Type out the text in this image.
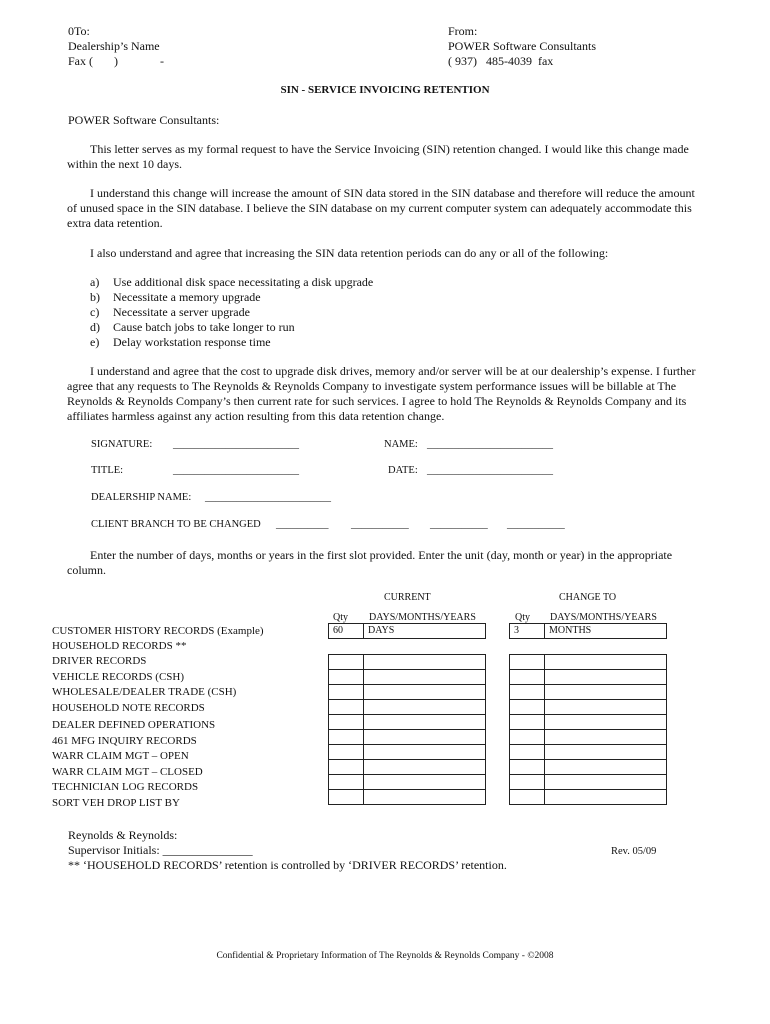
0To:
Dealership’s Name
Fax (       )              -
From:
POWER Software Consultants
( 937)   485-4039  fax
SIN - SERVICE INVOICING RETENTION
POWER Software Consultants:
This letter serves as my formal request to have the Service Invoicing (SIN) retention changed. I would like this change made within the next 10 days.
I understand this change will increase the amount of SIN data stored in the SIN database and therefore will reduce the amount of unused space in the SIN database. I believe the SIN database on my current computer system can adequately accommodate this extra data retention.
I also understand and agree that increasing the SIN data retention periods can do any or all of the following:
a) Use additional disk space necessitating a disk upgrade
b) Necessitate a memory upgrade
c) Necessitate a server upgrade
d) Cause batch jobs to take longer to run
e) Delay workstation response time
I understand and agree that the cost to upgrade disk drives, memory and/or server will be at our dealership’s expense. I further agree that any requests to The Reynolds & Reynolds Company to investigate system performance issues will be billable at The Reynolds & Reynolds Company’s then current rate for such services. I agree to hold The Reynolds & Reynolds Company and its affiliates harmless against any action resulting from this data retention change.
SIGNATURE: ________________________	NAME: ________________________
TITLE:	________________________	DATE: ________________________
DEALERSHIP NAME: ________________________
CLIENT BRANCH TO BE CHANGED __________ ___________ ___________ ___________
Enter the number of days, months or years in the first slot provided. Enter the unit (day, month or year) in the appropriate column.
CURRENT	CHANGE TO
Qty DAYS/MONTHS/YEARS	Qty DAYS/MONTHS/YEARS
CUSTOMER HISTORY RECORDS (Example)	60	DAYS	3	MONTHS
HOUSEHOLD RECORDS **
DRIVER RECORDS
VEHICLE RECORDS (CSH)
WHOLESALE/DEALER TRADE (CSH)
HOUSEHOLD NOTE RECORDS
DEALER DEFINED OPERATIONS
461 MFG INQUIRY RECORDS
WARR CLAIM MGT – OPEN
WARR CLAIM MGT – CLOSED
TECHNICIAN LOG RECORDS
SORT VEH DROP LIST BY

Reynolds & Reynolds:
Supervisor Initials: _______________
** ‘HOUSEHOLD RECORDS’ retention is controlled by ‘DRIVER RECORDS’ retention.
Rev. 05/09
Confidential & Proprietary Information of The Reynolds & Reynolds Company - ©2008
